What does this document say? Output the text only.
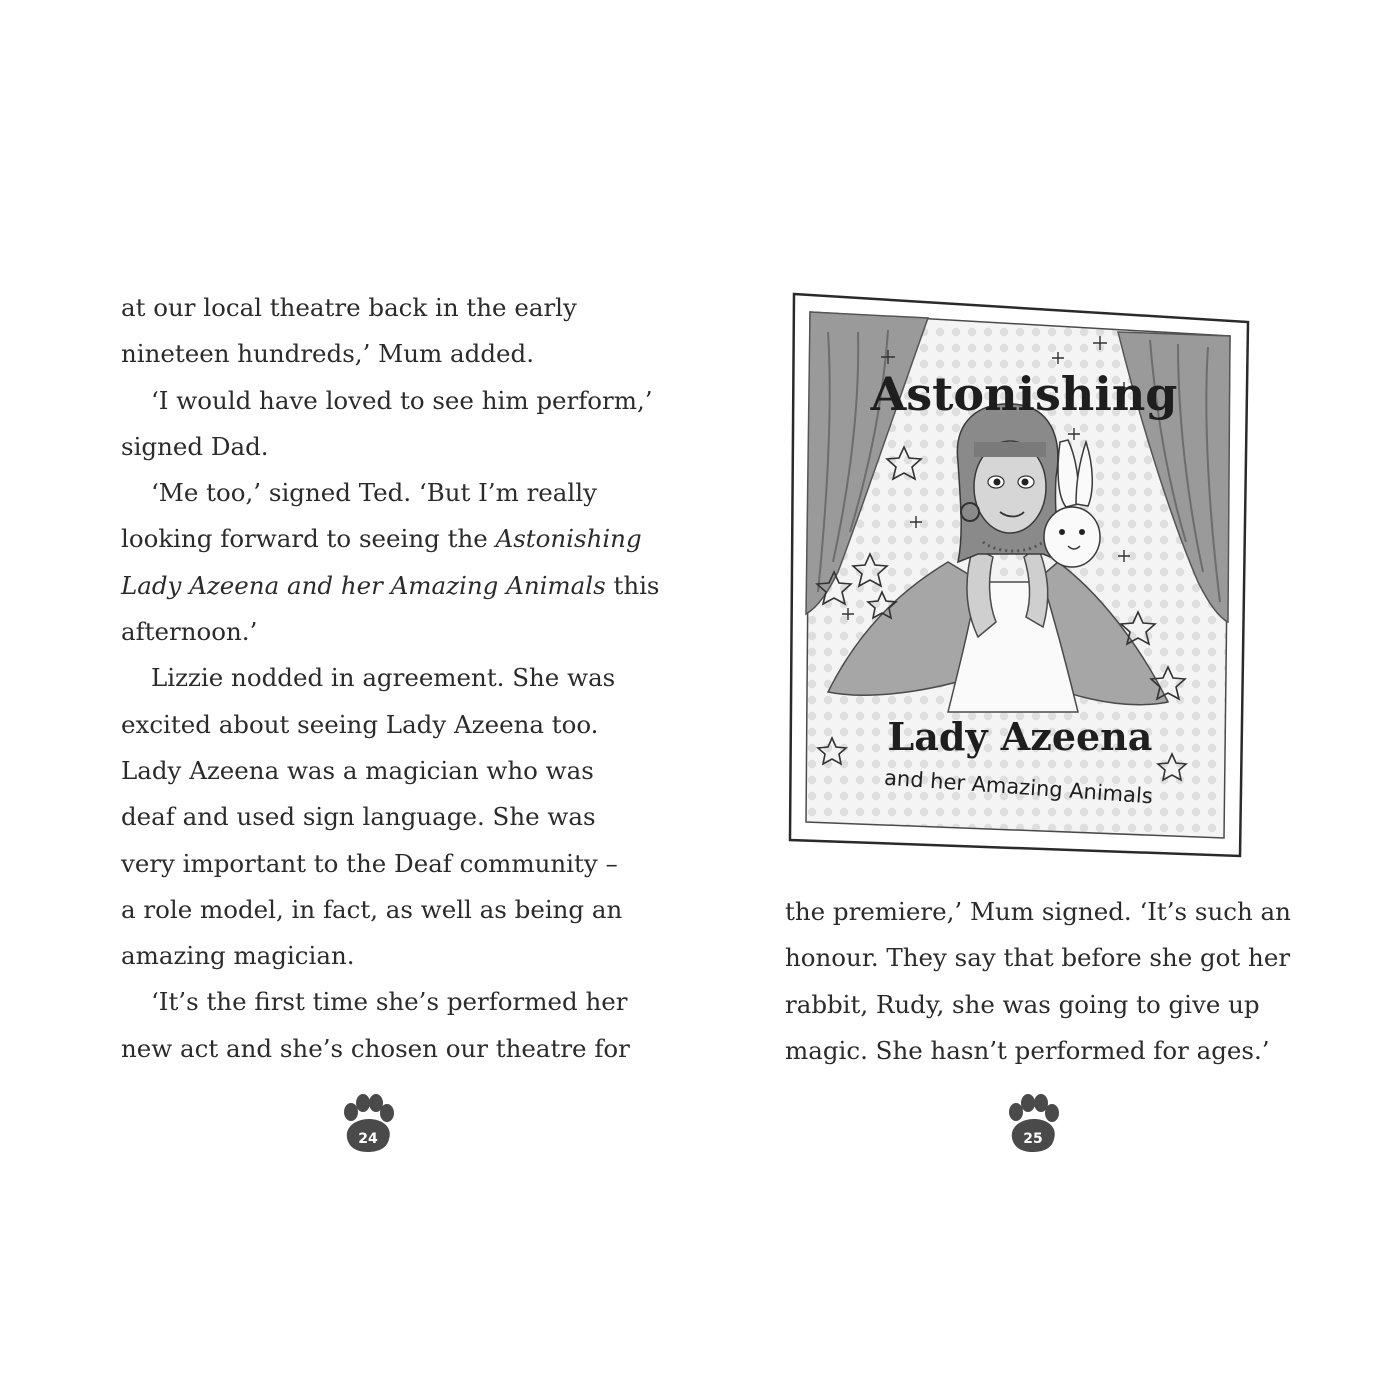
at our local theatre back in the early
nineteen hundreds,’ Mum added.
‘I would have loved to see him perform,’
signed Dad.
‘Me too,’ signed Ted. ‘But I’m really
looking forward to seeing the Astonishing
Lady Azeena and her Amazing Animals this
afternoon.’
Lizzie nodded in agreement. She was
excited about seeing Lady Azeena too.
Lady Azeena was a magician who was
deaf and used sign language. She was
very important to the Deaf community –
a role model, in fact, as well as being an
amazing magician.
‘It’s the first time she’s performed her
new act and she’s chosen our theatre for
Astonishing
Lady Azeena
and her Amazing Animals
the premiere,’ Mum signed. ‘It’s such an
honour. They say that before she got her
rabbit, Rudy, she was going to give up
magic. She hasn’t performed for ages.’
24	25
